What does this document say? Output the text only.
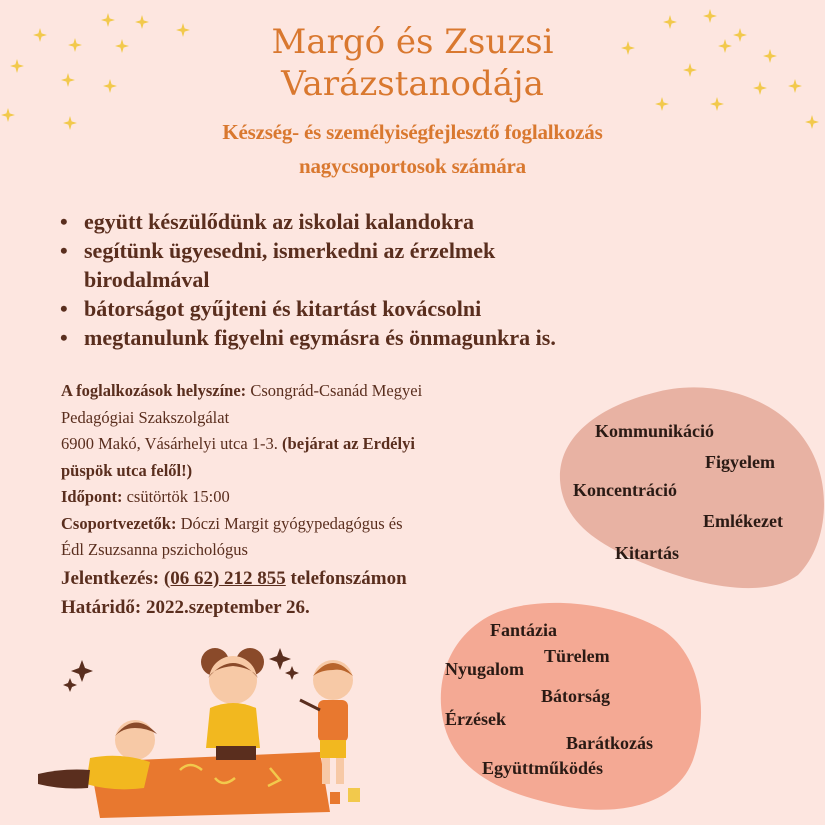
Margó és Zsuzsi
Varázstanodája
Készség- és személyiségfejlesztő foglalkozás
nagycsoportosok számára
• együtt készülődünk az iskolai kalandokra
• segítünk ügyesedni, ismerkedni az érzelmek
birodalmával
• bátorságot gyűjteni és kitartást kovácsolni
• megtanulunk figyelni egymásra és önmagunkra is.
A foglalkozások helyszíne: Csongrád-Csanád Megyei
Pedagógiai Szakszolgálat
6900 Makó, Vásárhelyi utca 1-3. (bejárat az Erdélyi
püspök utca felől!)
Időpont: csütörtök 15:00
Csoportvezetők: Dóczi Margit gyógypedagógus és
Édl Zsuzsanna pszichológus
Jelentkezés: (06 62) 212 855 telefonszámon
Határidő: 2022.szeptember 26.
Kommunikáció
Figyelem
Koncentráció
Emlékezet
Kitartás
Fantázia
Türelem
Nyugalom
Bátorság
Érzések
Barátkozás
Együttműködés
